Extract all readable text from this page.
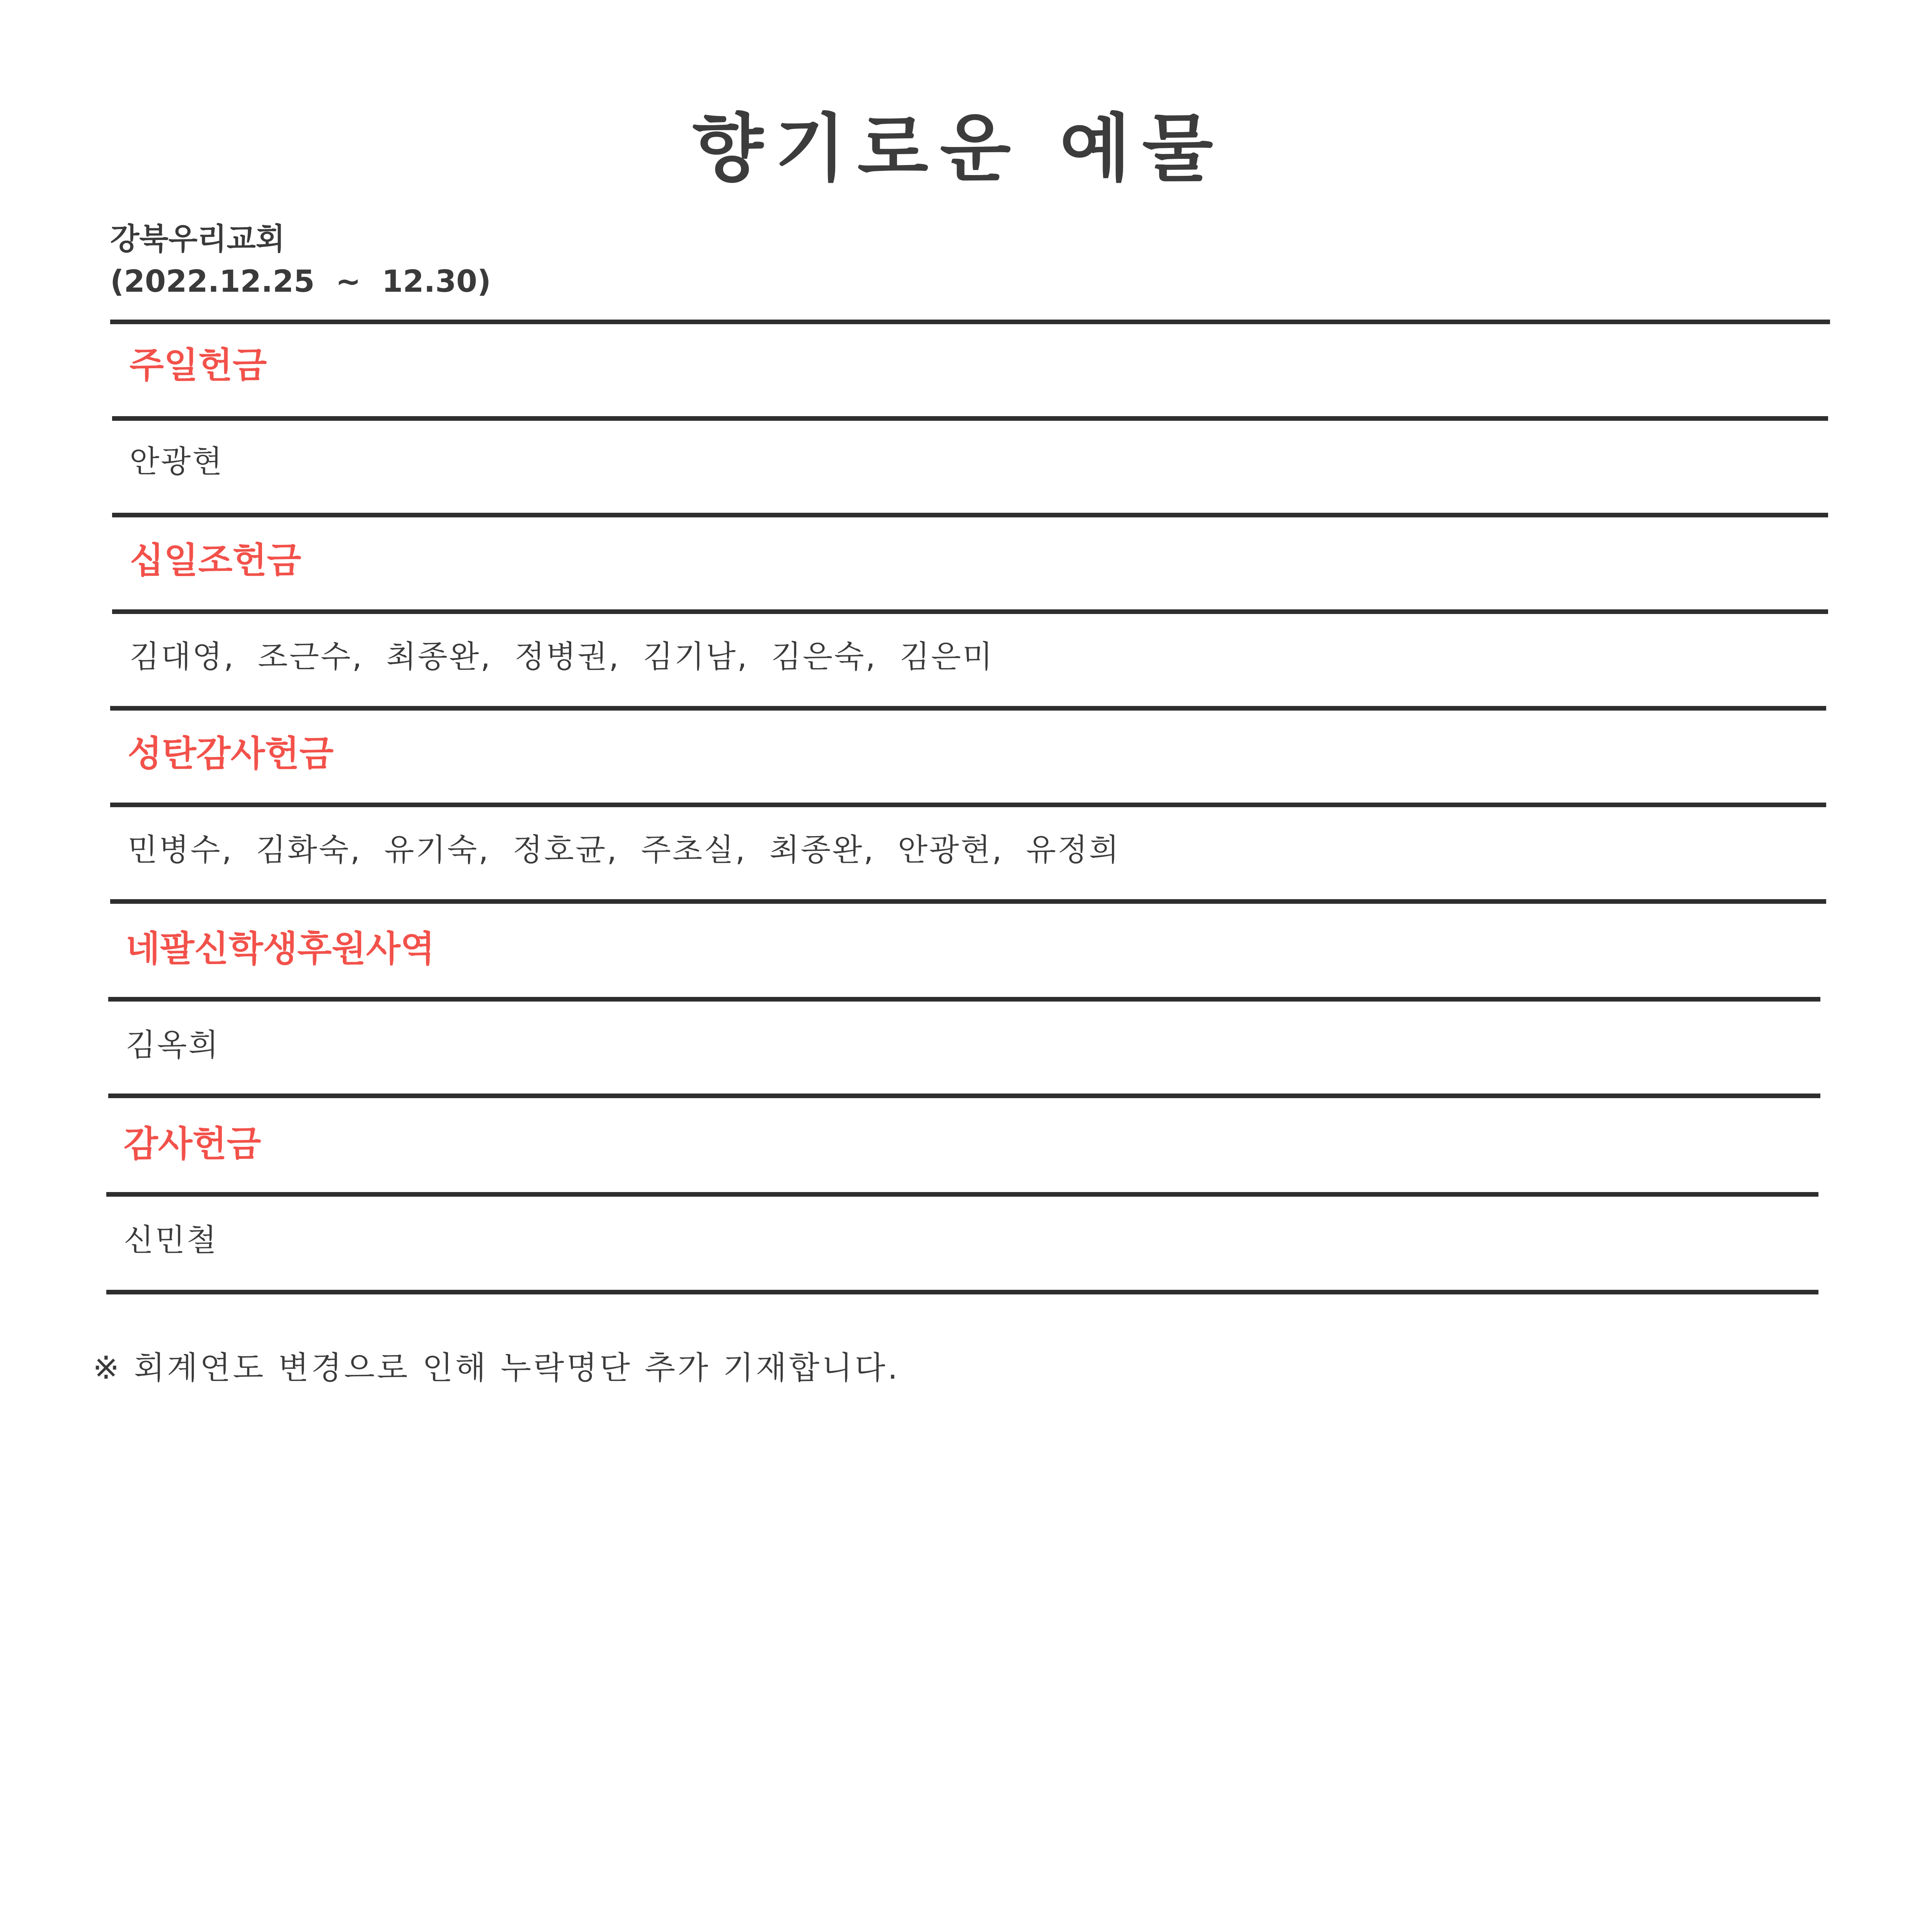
향기로운 예물
강북우리교회
(2022.12.25  ~  12.30)
주일헌금
안광현
십일조헌금
김대영,  조근수,  최종완,  정병권,  김기남,  김은숙,  김은미
성탄감사헌금
민병수,  김화숙,  유기숙,  정호균,  주초실,  최종완,  안광현,  유정희
네팔신학생후원사역
김옥희
감사헌금
신민철
※ 회계연도 변경으로 인해 누락명단 추가 기재합니다.
